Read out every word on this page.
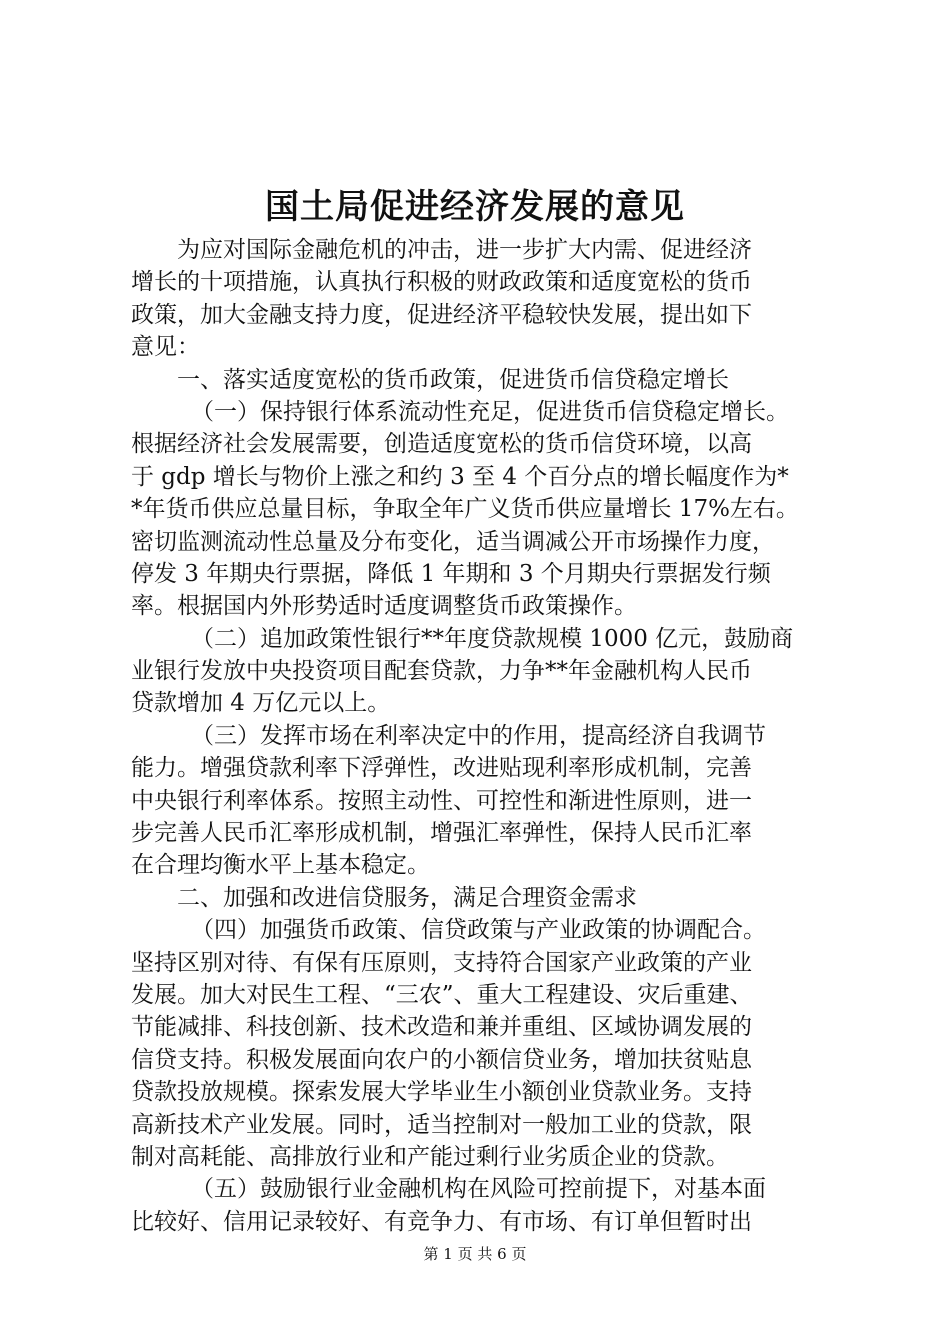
国土局促进经济发展的意见
为应对国际金融危机的冲击，进一步扩大内需、促进经济
增长的十项措施，认真执行积极的财政政策和适度宽松的货币
政策，加大金融支持力度，促进经济平稳较快发展，提出如下
意见：
一、落实适度宽松的货币政策，促进货币信贷稳定增长
（一）保持银行体系流动性充足，促进货币信贷稳定增长。
根据经济社会发展需要，创造适度宽松的货币信贷环境，以高
于 gdp 增长与物价上涨之和约 3 至 4 个百分点的增长幅度作为*
*年货币供应总量目标，争取全年广义货币供应量增长 17%左右。
密切监测流动性总量及分布变化，适当调减公开市场操作力度，
停发 3 年期央行票据，降低 1 年期和 3 个月期央行票据发行频
率。根据国内外形势适时适度调整货币政策操作。
（二）追加政策性银行**年度贷款规模 1000 亿元，鼓励商
业银行发放中央投资项目配套贷款，力争**年金融机构人民币
贷款增加 4 万亿元以上。
（三）发挥市场在利率决定中的作用，提高经济自我调节
能力。增强贷款利率下浮弹性，改进贴现利率形成机制，完善
中央银行利率体系。按照主动性、可控性和渐进性原则，进一
步完善人民币汇率形成机制，增强汇率弹性，保持人民币汇率
在合理均衡水平上基本稳定。
二、加强和改进信贷服务，满足合理资金需求
（四）加强货币政策、信贷政策与产业政策的协调配合。
坚持区别对待、有保有压原则，支持符合国家产业政策的产业
发展。加大对民生工程、“三农”、重大工程建设、灾后重建、
节能减排、科技创新、技术改造和兼并重组、区域协调发展的
信贷支持。积极发展面向农户的小额信贷业务，增加扶贫贴息
贷款投放规模。探索发展大学毕业生小额创业贷款业务。支持
高新技术产业发展。同时，适当控制对一般加工业的贷款，限
制对高耗能、高排放行业和产能过剩行业劣质企业的贷款。
（五）鼓励银行业金融机构在风险可控前提下，对基本面
比较好、信用记录较好、有竞争力、有市场、有订单但暂时出
第 1 页 共 6 页
